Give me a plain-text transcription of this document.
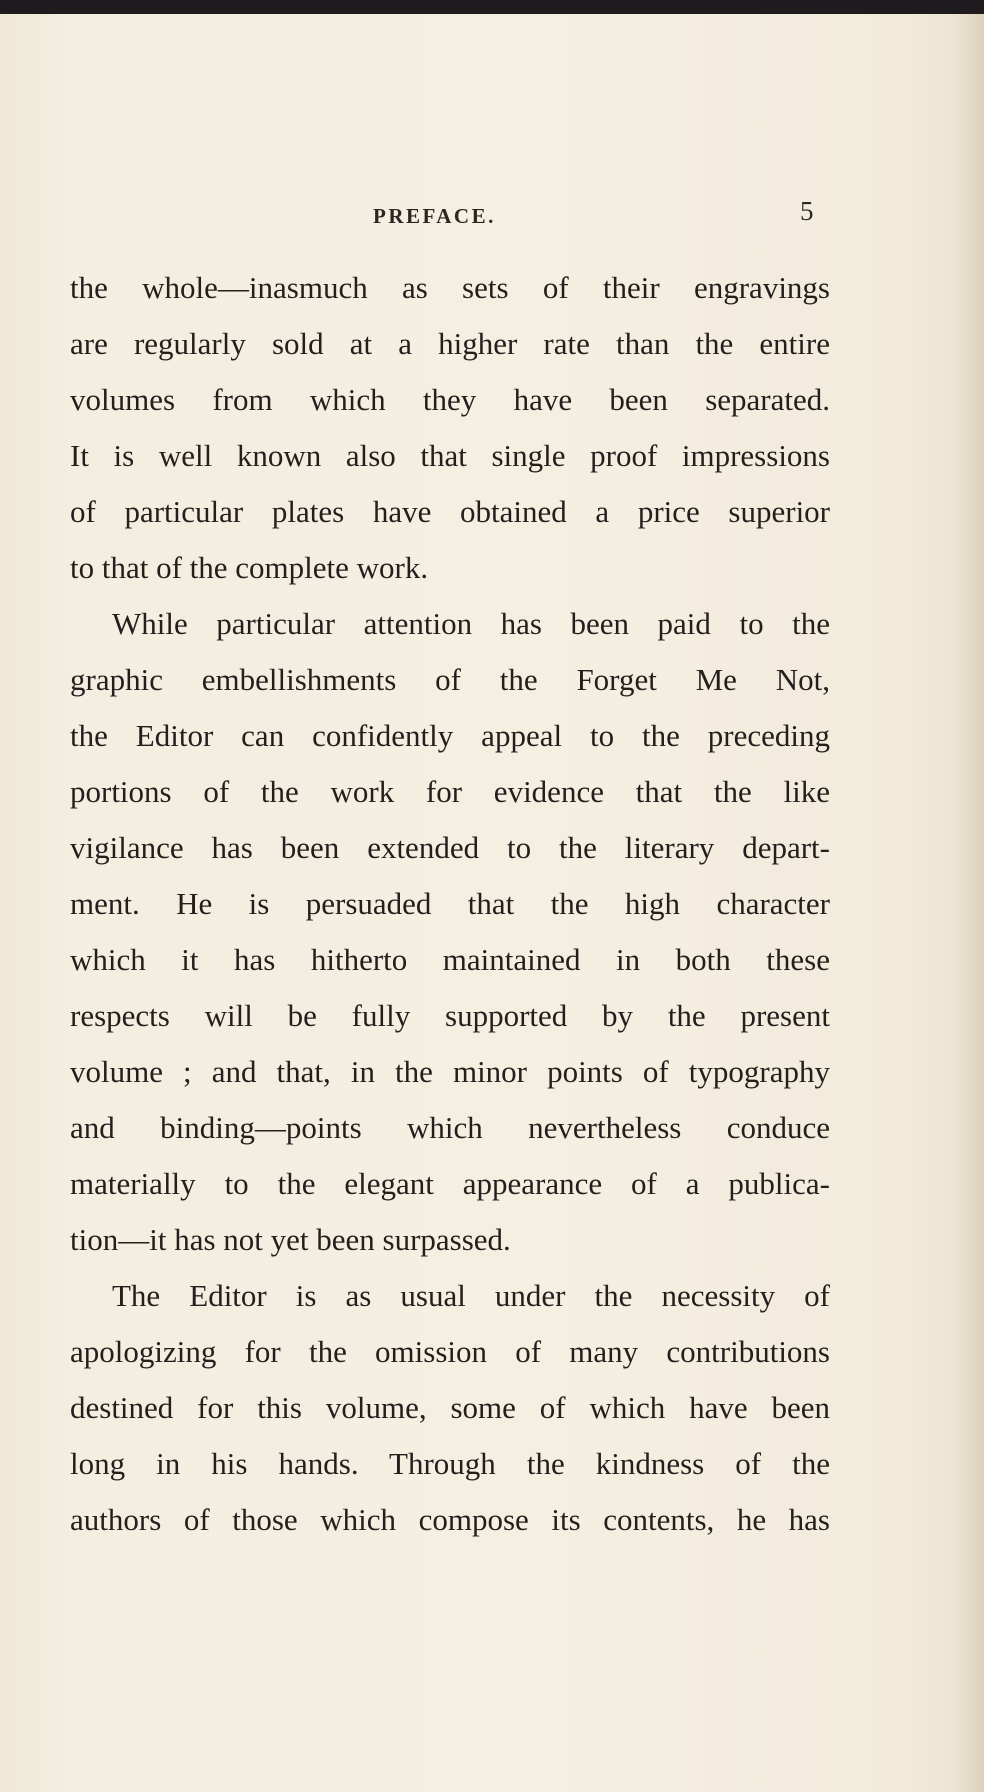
PREFACE.	5
the whole—inasmuch as sets of their engravings
are regularly sold at a higher rate than the entire
volumes from which they have been separated.
It is well known also that single proof impressions
of particular plates have obtained a price superior
to that of the complete work.
While particular attention has been paid to the
graphic embellishments of the Forget Me Not,
the Editor can confidently appeal to the preceding
portions of the work for evidence that the like
vigilance has been extended to the literary depart-
ment. He is persuaded that the high character
which it has hitherto maintained in both these
respects will be fully supported by the present
volume ; and that, in the minor points of typography
and binding—points which nevertheless conduce
materially to the elegant appearance of a publica-
tion—it has not yet been surpassed.
The Editor is as usual under the necessity of
apologizing for the omission of many contributions
destined for this volume, some of which have been
long in his hands. Through the kindness of the
authors of those which compose its contents, he has
